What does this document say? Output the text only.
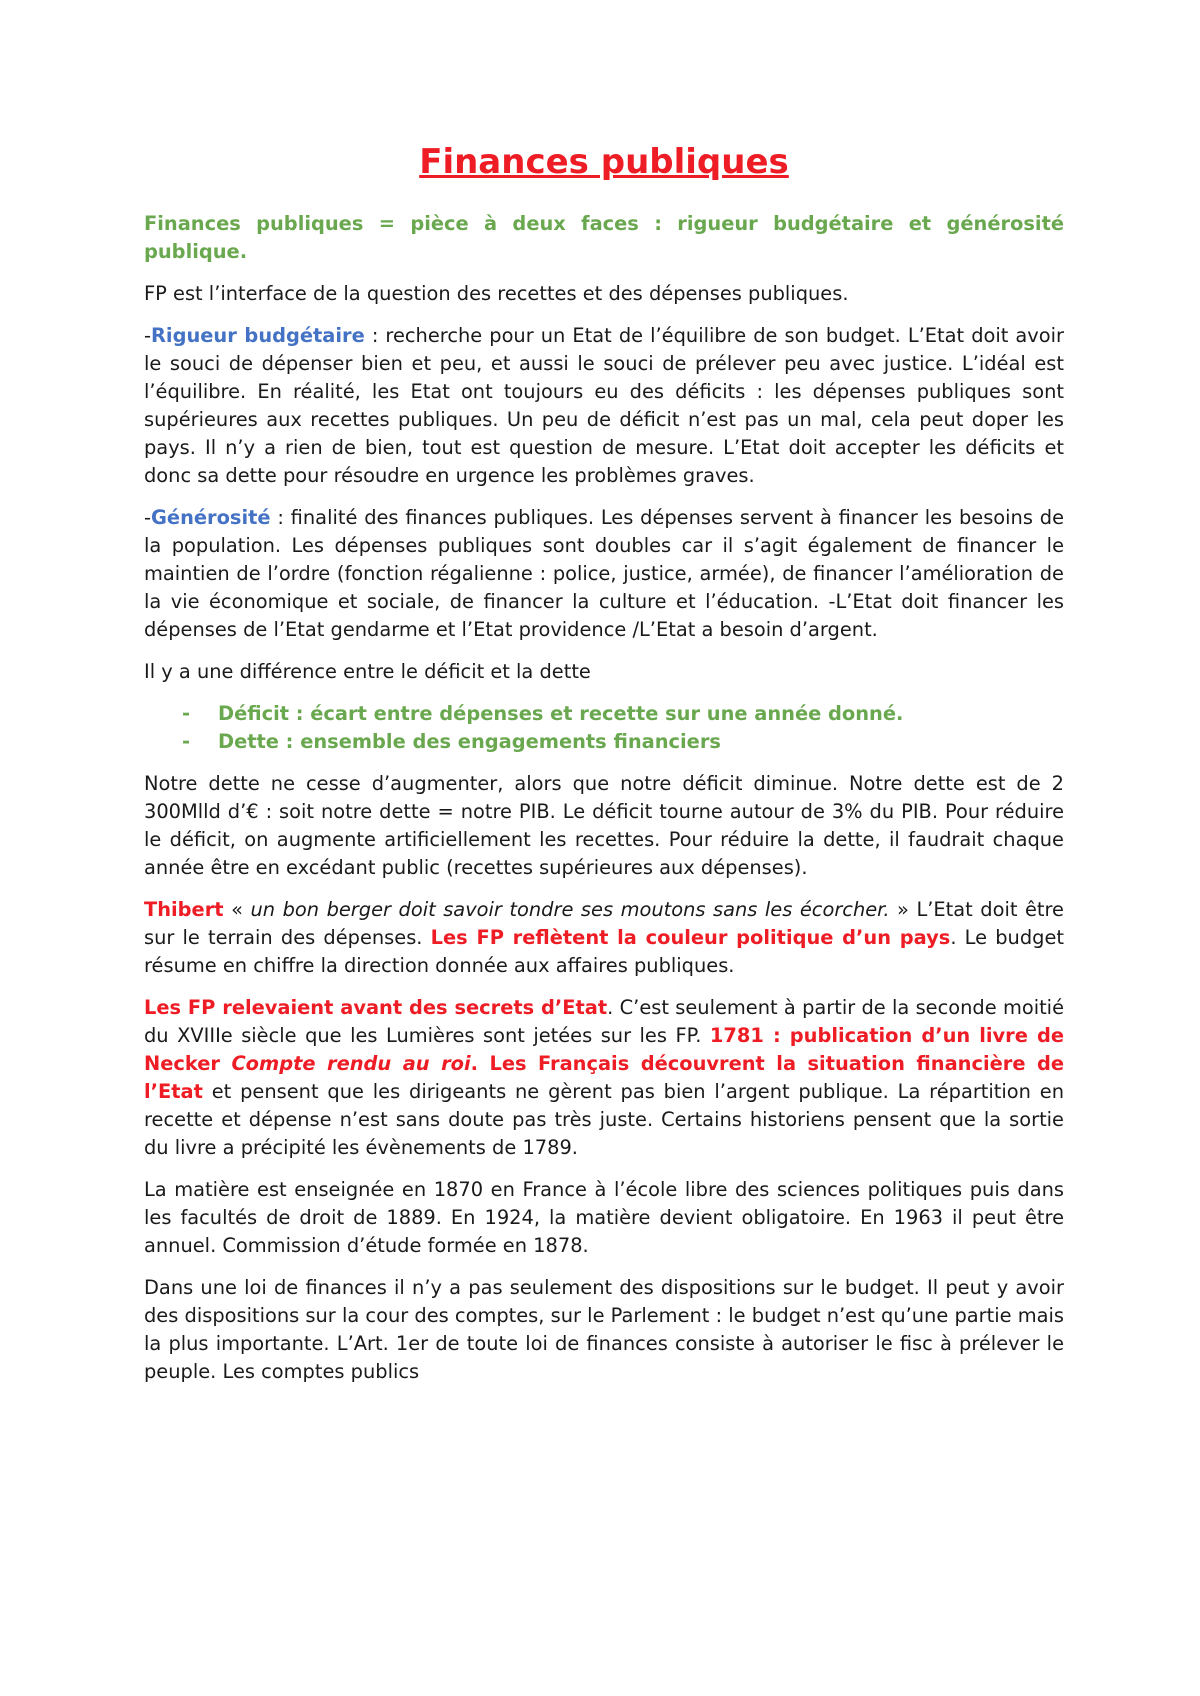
Finances publiques

Finances publiques = pièce à deux faces : rigueur budgétaire et générosité publique.

FP est l’interface de la question des recettes et des dépenses publiques.

-Rigueur budgétaire : recherche pour un Etat de l’équilibre de son budget. L’Etat doit avoir le souci de dépenser bien et peu, et aussi le souci de prélever peu avec justice. L’idéal est l’équilibre. En réalité, les Etat ont toujours eu des déficits : les dépenses publiques sont supérieures aux recettes publiques. Un peu de déficit n’est pas un mal, cela peut doper les pays. Il n’y a rien de bien, tout est question de mesure. L’Etat doit accepter les déficits et donc sa dette pour résoudre en urgence les problèmes graves.

-Générosité : finalité des finances publiques. Les dépenses servent à financer les besoins de la population. Les dépenses publiques sont doubles car il s’agit également de financer le maintien de l’ordre (fonction régalienne : police, justice, armée), de financer l’amélioration de la vie économique et sociale, de financer la culture et l’éducation. -L’Etat doit financer les dépenses de l’Etat gendarme et l’Etat providence /L’Etat a besoin d’argent.

Il y a une différence entre le déficit et la dette

- Déficit : écart entre dépenses et recette sur une année donné.
- Dette : ensemble des engagements financiers

Notre dette ne cesse d’augmenter, alors que notre déficit diminue. Notre dette est de 2 300Mlld d’€ : soit notre dette = notre PIB. Le déficit tourne autour de 3% du PIB. Pour réduire le déficit, on augmente artificiellement les recettes. Pour réduire la dette, il faudrait chaque année être en excédant public (recettes supérieures aux dépenses).

Thibert « un bon berger doit savoir tondre ses moutons sans les écorcher. » L’Etat doit être sur le terrain des dépenses. Les FP reflètent la couleur politique d’un pays. Le budget résume en chiffre la direction donnée aux affaires publiques.

Les FP relevaient avant des secrets d’Etat. C’est seulement à partir de la seconde moitié du XVIIIe siècle que les Lumières sont jetées sur les FP. 1781 : publication d’un livre de Necker Compte rendu au roi. Les Français découvrent la situation financière de l’Etat et pensent que les dirigeants ne gèrent pas bien l’argent publique. La répartition en recette et dépense n’est sans doute pas très juste. Certains historiens pensent que la sortie du livre a précipité les évènements de 1789.

La matière est enseignée en 1870 en France à l’école libre des sciences politiques puis dans les facultés de droit de 1889. En 1924, la matière devient obligatoire. En 1963 il peut être annuel. Commission d’étude formée en 1878.

Dans une loi de finances il n’y a pas seulement des dispositions sur le budget. Il peut y avoir des dispositions sur la cour des comptes, sur le Parlement : le budget n’est qu’une partie mais la plus importante. L’Art. 1er de toute loi de finances consiste à autoriser le fisc à prélever le peuple. Les comptes publics
